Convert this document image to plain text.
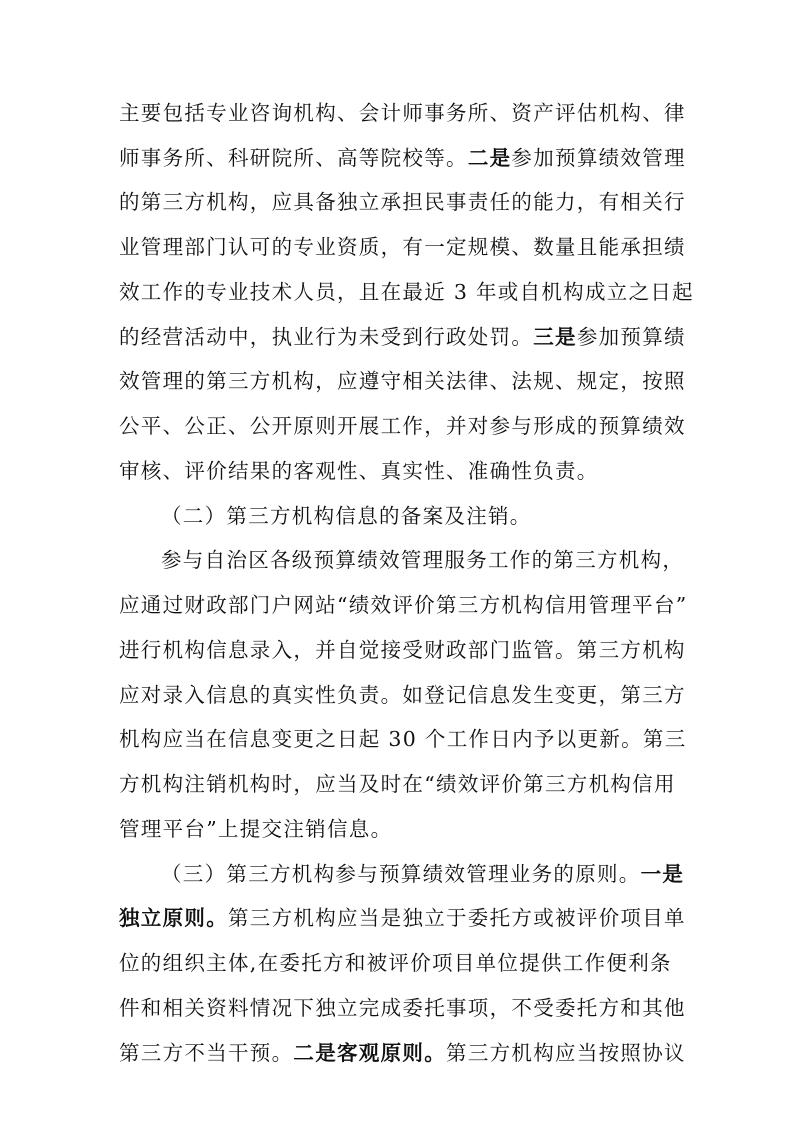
主要包括专业咨询机构、会计师事务所、资产评估机构、律
师事务所、科研院所、高等院校等。二是参加预算绩效管理
的第三方机构，应具备独立承担民事责任的能力，有相关行
业管理部门认可的专业资质，有一定规模、数量且能承担绩
效工作的专业技术人员，且在最近 3 年或自机构成立之日起
的经营活动中，执业行为未受到行政处罚。三是参加预算绩
效管理的第三方机构，应遵守相关法律、法规、规定，按照
公平、公正、公开原则开展工作，并对参与形成的预算绩效
审核、评价结果的客观性、真实性、准确性负责。
（二）第三方机构信息的备案及注销。
参与自治区各级预算绩效管理服务工作的第三方机构，
应通过财政部门户网站“绩效评价第三方机构信用管理平台”
进行机构信息录入，并自觉接受财政部门监管。第三方机构
应对录入信息的真实性负责。如登记信息发生变更，第三方
机构应当在信息变更之日起 30 个工作日内予以更新。第三
方机构注销机构时，应当及时在“绩效评价第三方机构信用
管理平台”上提交注销信息。
（三）第三方机构参与预算绩效管理业务的原则。一是
独立原则。第三方机构应当是独立于委托方或被评价项目单
位的组织主体,在委托方和被评价项目单位提供工作便利条
件和相关资料情况下独立完成委托事项，不受委托方和其他
第三方不当干预。二是客观原则。第三方机构应当按照协议
